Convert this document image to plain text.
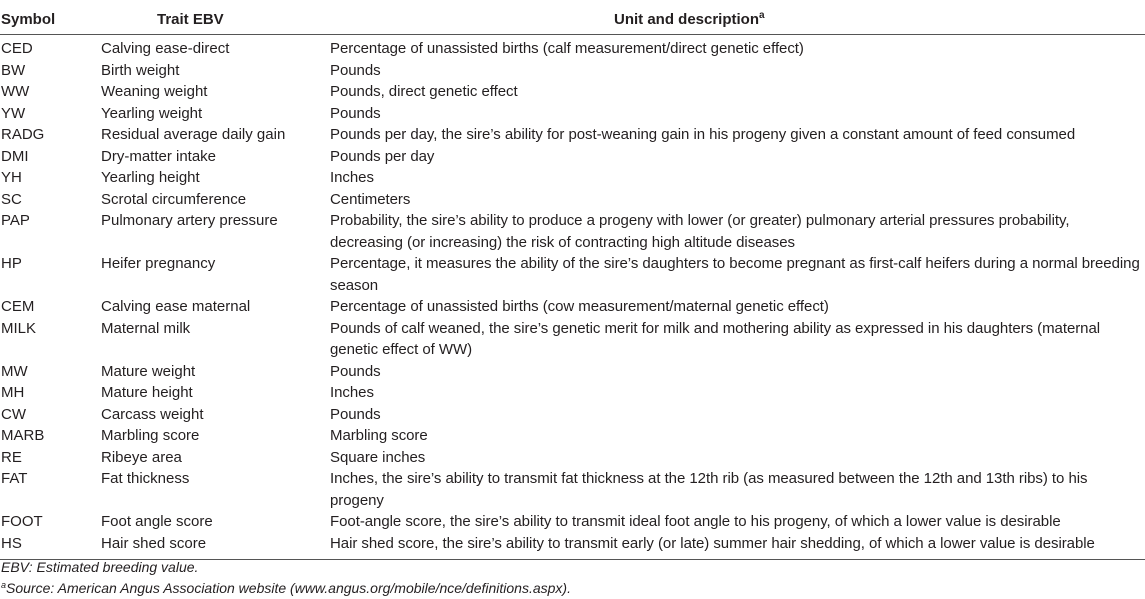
Symbol	Trait EBV	Unit and description$^a$
CED	Calving ease-direct	Percentage of unassisted births (calf measurement/direct genetic effect)
BW	Birth weight	Pounds
WW	Weaning weight	Pounds, direct genetic effect
YW	Yearling weight	Pounds
RADG	Residual average daily gain	Pounds per day, the sire’s ability for post-weaning gain in his progeny given a constant amount of feed consumed
DMI	Dry-matter intake	Pounds per day
YH	Yearling height	Inches
SC	Scrotal circumference	Centimeters
PAP	Pulmonary artery pressure	Probability, the sire’s ability to produce a progeny with lower (or greater) pulmonary arterial pressures probability, decreasing (or increasing) the risk of contracting high altitude diseases
HP	Heifer pregnancy	Percentage, it measures the ability of the sire’s daughters to become pregnant as first-calf heifers during a normal breeding season
CEM	Calving ease maternal	Percentage of unassisted births (cow measurement/maternal genetic effect)
MILK	Maternal milk	Pounds of calf weaned, the sire’s genetic merit for milk and mothering ability as expressed in his daughters (maternal genetic effect of WW)
MW	Mature weight	Pounds
MH	Mature height	Inches
CW	Carcass weight	Pounds
MARB	Marbling score	Marbling score
RE	Ribeye area	Square inches
FAT	Fat thickness	Inches, the sire’s ability to transmit fat thickness at the 12th rib (as measured between the 12th and 13th ribs) to his progeny
FOOT	Foot angle score	Foot-angle score, the sire’s ability to transmit ideal foot angle to his progeny, of which a lower value is desirable
HS	Hair shed score	Hair shed score, the sire’s ability to transmit early (or late) summer hair shedding, of which a lower value is desirable
EBV: Estimated breeding value.
$^a$Source: American Angus Association website (www.angus.org/mobile/nce/definitions.aspx).
